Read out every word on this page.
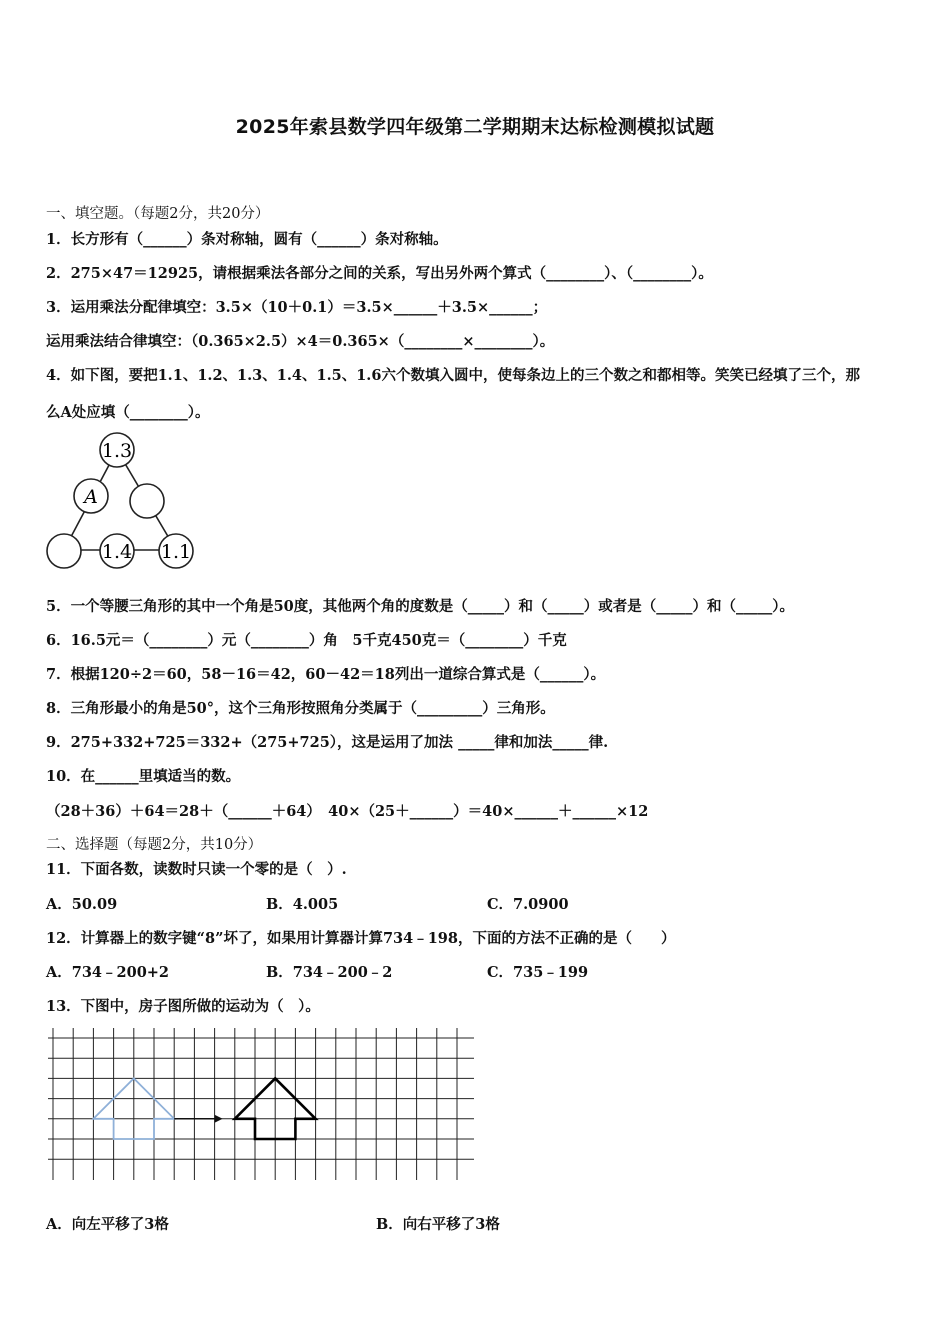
2025年索县数学四年级第二学期期末达标检测模拟试题
一、填空题。（每题2分，共20分）
1．长方形有（______）条对称轴，圆有（______）条对称轴。
2．275×47＝12925，请根据乘法各部分之间的关系，写出另外两个算式（________）、（________）。
3．运用乘法分配律填空：3.5×（10＋0.1）＝3.5×______＋3.5×______；
运用乘法结合律填空：（0.365×2.5）×4＝0.365×（________×________）。
4．如下图，要把1.1、1.2、1.3、1.4、1.5、1.6六个数填入圆中，使每条边上的三个数之和都相等。笑笑已经填了三个，那
么A处应填（________）。
1.3
A
1.4 1.1
5．一个等腰三角形的其中一个角是50度，其他两个角的度数是（_____）和（_____）或者是（_____）和（_____）。
6．16.5元＝（________）元（________）角　5千克450克＝（________）千克
7．根据120÷2＝60，58－16＝42，60－42＝18列出一道综合算式是（______）。
8．三角形最小的角是50°，这个三角形按照角分类属于（_________）三角形。
9．275+332+725＝332+（275+725），这是运用了加法 _____律和加法_____律.
10．在______里填适当的数。
（28＋36）＋64＝28＋（______＋64）　40×（25＋______）＝40×______＋______×12
二、选择题（每题2分，共10分）
11．下面各数，读数时只读一个零的是（　）.
A．50.09	B．4.005	C．7.0900
12．计算器上的数字键“8”坏了，如果用计算器计算734﹣198，下面的方法不正确的是（　　）
A．734﹣200+2	B．734﹣200﹣2	C．735﹣199
13．下图中，房子图所做的运动为（　）。
A．向左平移了3格	B．向右平移了3格
